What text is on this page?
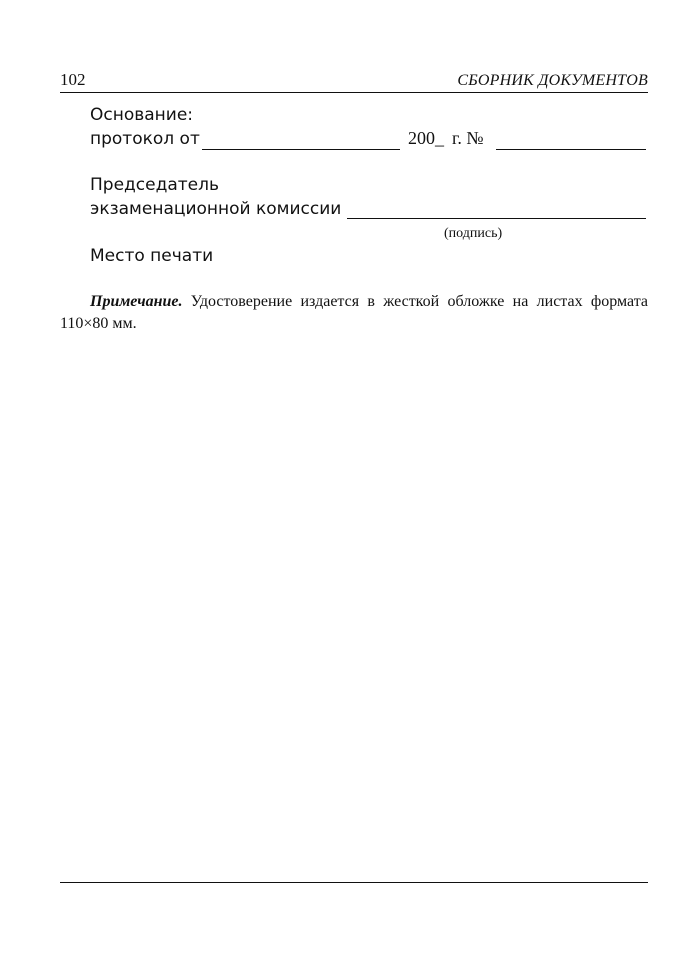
102	СБОРНИК ДОКУМЕНТОВ
Основание:
протокол от	200_ г. №
Председатель
экзаменационной комиссии
(подпись)
Место печати
Примечание. Удостоверение издается в жесткой обложке на листах формата 110×80 мм.
